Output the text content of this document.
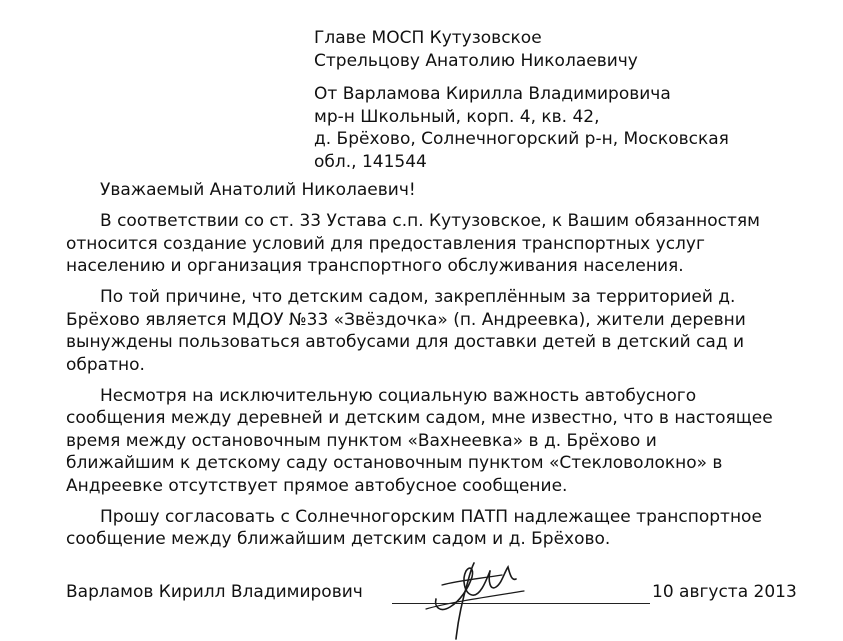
Главе МОСП Кутузовское
Стрельцову Анатолию Николаевичу
От Варламова Кирилла Владимировича
мр-н Школьный, корп. 4, кв. 42,
д. Брёхово, Солнечногорский р-н, Московская
обл., 141544
Уважаемый Анатолий Николаевич!
В соответствии со ст. 33 Устава с.п. Кутузовское, к Вашим обязанностям
относится создание условий для предоставления транспортных услуг
населению и организация транспортного обслуживания населения.
По той причине, что детским садом, закреплённым за территорией д.
Брёхово является МДОУ №33 «Звёздочка» (п. Андреевка), жители деревни
вынуждены пользоваться автобусами для доставки детей в детский сад и
обратно.
Несмотря на исключительную социальную важность автобусного
сообщения между деревней и детским садом, мне известно, что в настоящее
время между остановочным пунктом «Вахнеевка» в д. Брёхово и
ближайшим к детскому саду остановочным пунктом «Стекловолокно» в
Андреевке отсутствует прямое автобусное сообщение.
Прошу согласовать с Солнечногорским ПАТП надлежащее транспортное
сообщение между ближайшим детским садом и д. Брёхово.
Варламов Кирилл Владимирович	10 августа 2013
